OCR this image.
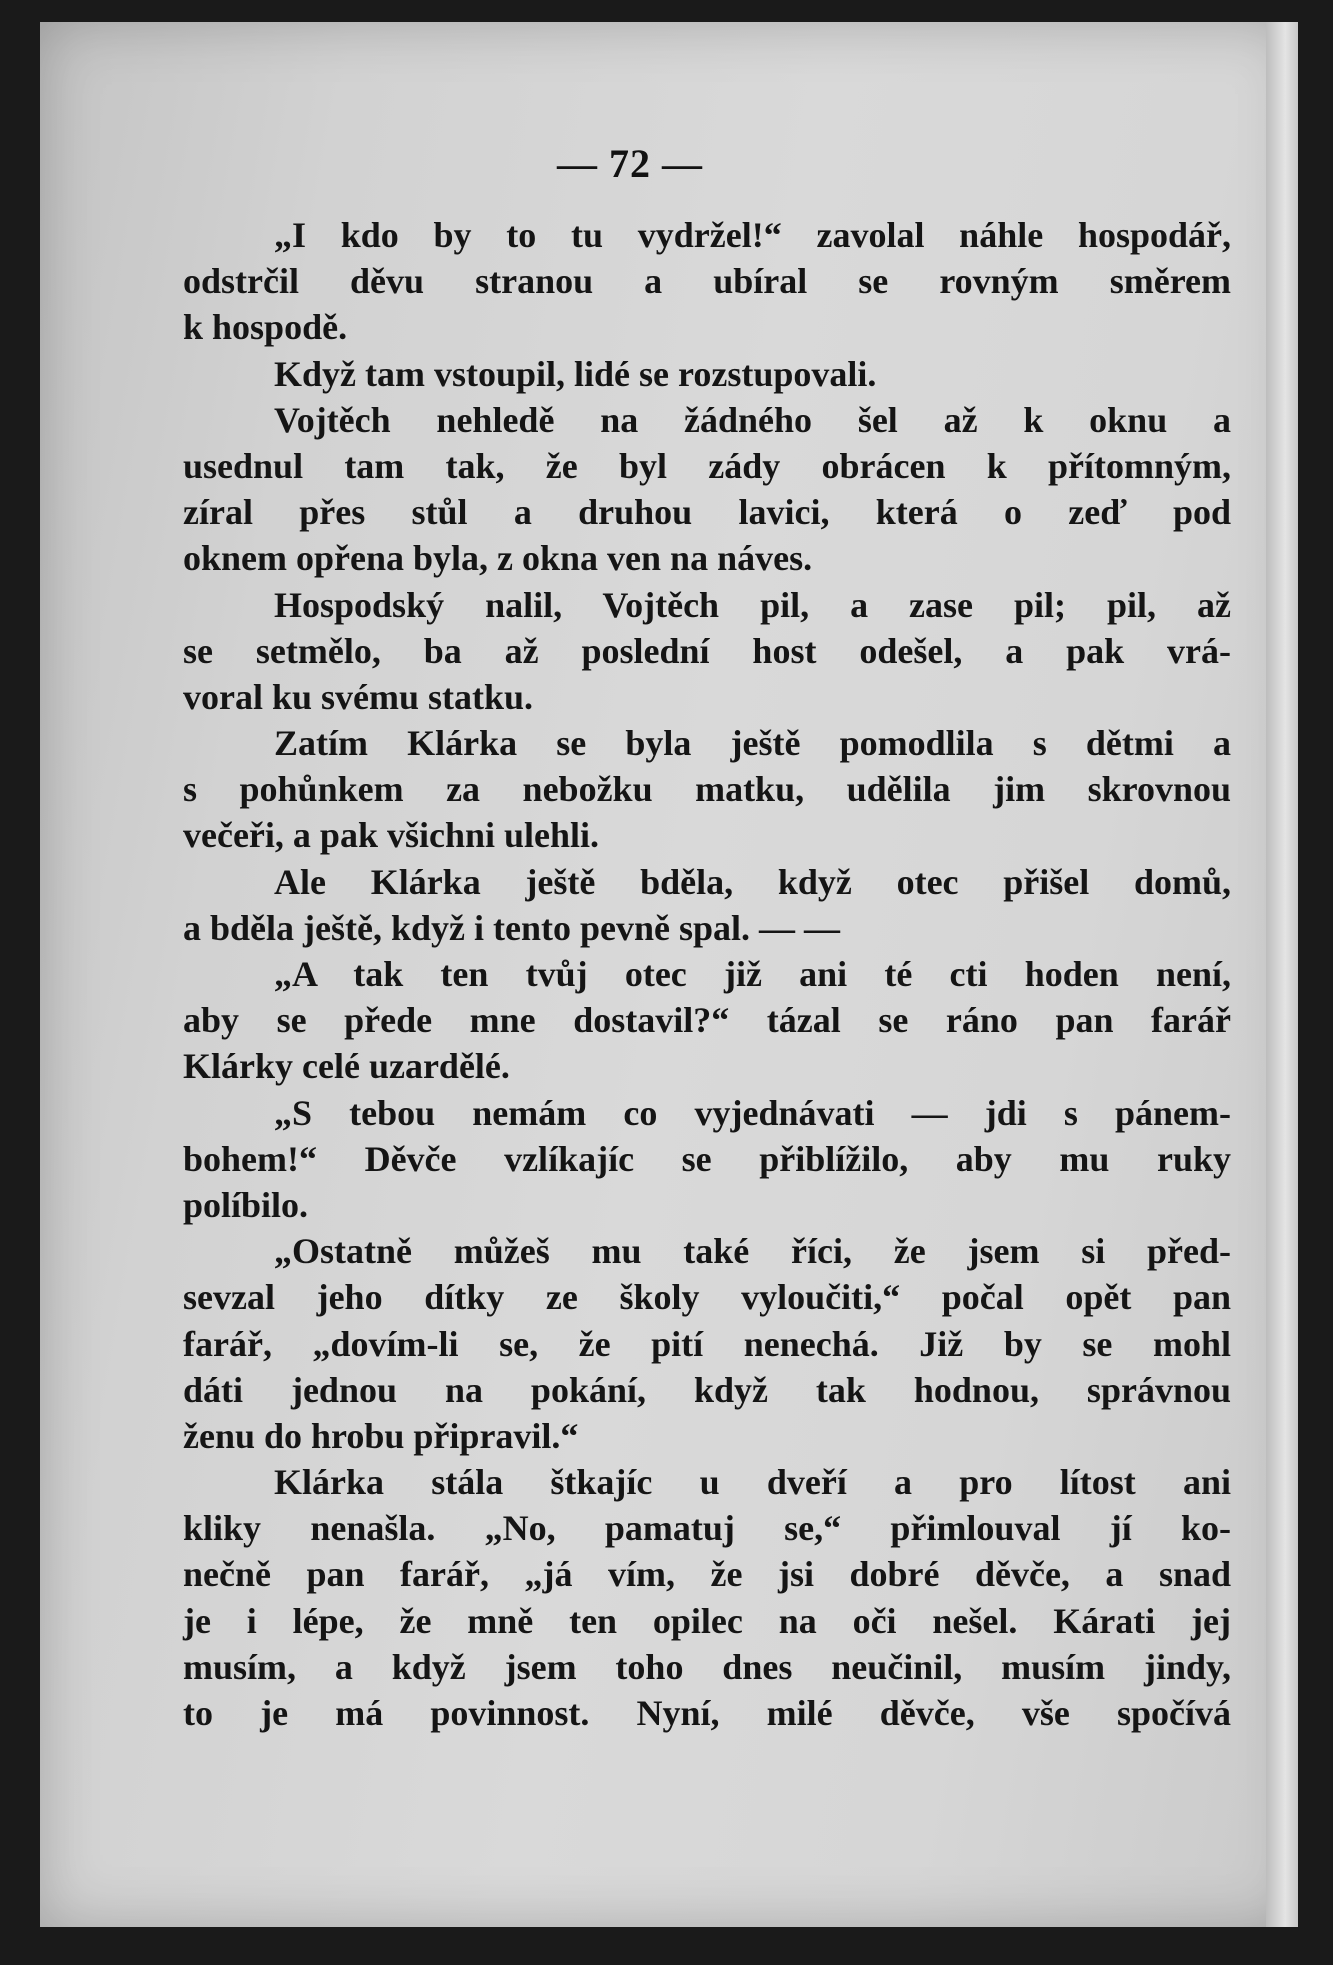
— 72 —
„I kdo by to tu vydržel!“ zavolal náhle hospodář,
odstrčil děvu stranou a ubíral se rovným směrem
k hospodě.
Když tam vstoupil, lidé se rozstupovali.
Vojtěch nehledě na žádného šel až k oknu a
usednul tam tak, že byl zády obrácen k přítomným,
zíral přes stůl a druhou lavici, která o zeď pod
oknem opřena byla, z okna ven na náves.
Hospodský nalil, Vojtěch pil, a zase pil; pil, až
se setmělo, ba až poslední host odešel, a pak vrá-
voral ku svému statku.
Zatím Klárka se byla ještě pomodlila s dětmi a
s pohůnkem za nebožku matku, udělila jim skrovnou
večeři, a pak všichni ulehli.
Ale Klárka ještě bděla, když otec přišel domů,
a bděla ještě, když i tento pevně spal. — —
„A tak ten tvůj otec již ani té cti hoden není,
aby se přede mne dostavil?“ tázal se ráno pan farář
Klárky celé uzardělé.
„S tebou nemám co vyjednávati — jdi s pánem-
bohem!“ Děvče vzlíkajíc se přiblížilo, aby mu ruky
políbilo.
„Ostatně můžeš mu také říci, že jsem si před-
sevzal jeho dítky ze školy vyloučiti,“ počal opět pan
farář, „dovím-li se, že pití nenechá. Již by se mohl
dáti jednou na pokání, když tak hodnou, správnou
ženu do hrobu připravil.“
Klárka stála štkajíc u dveří a pro lítost ani
kliky nenašla. „No, pamatuj se,“ přimlouval jí ko-
nečně pan farář, „já vím, že jsi dobré děvče, a snad
je i lépe, že mně ten opilec na oči nešel. Kárati jej
musím, a když jsem toho dnes neučinil, musím jindy,
to je má povinnost. Nyní, milé děvče, vše spočívá
